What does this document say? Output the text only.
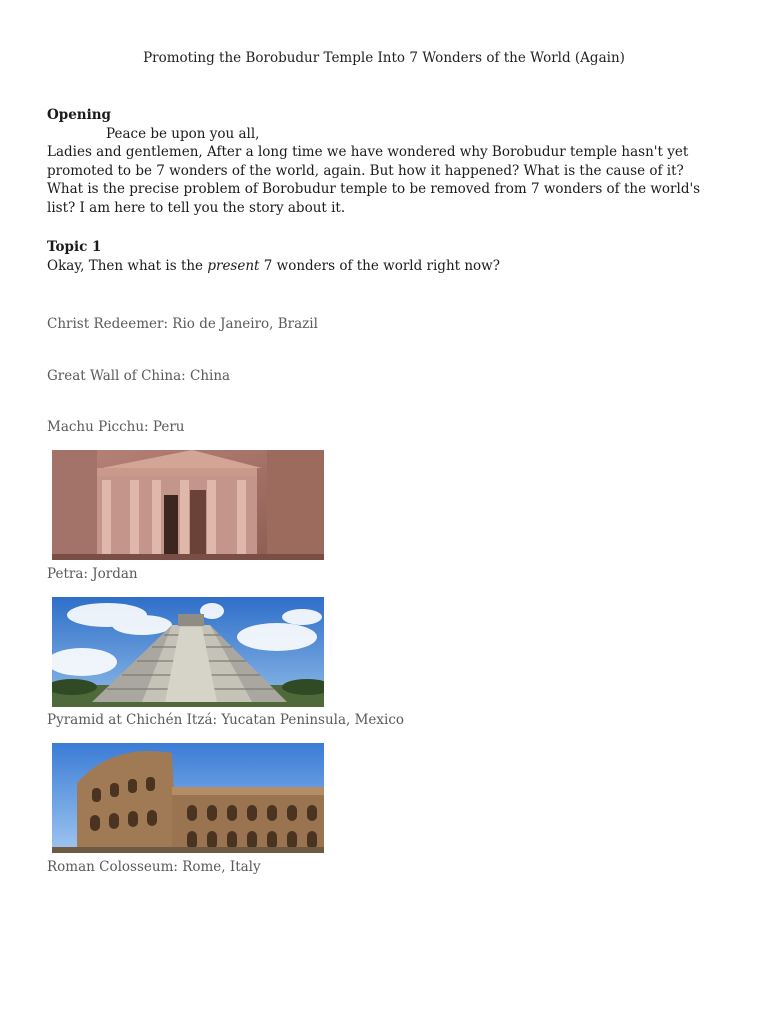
Promoting the Borobudur Temple Into 7 Wonders of the World (Again)
Opening
Peace be upon you all,
Ladies and gentlemen, After a long time we have wondered why Borobudur temple hasn't yet promoted to be 7 wonders of the world, again. But how it happened? What is the cause of it? What is the precise problem of Borobudur temple to be removed from 7 wonders of the world's list? I am here to tell you the story about it.
Topic 1
Okay, Then what is the present 7 wonders of the world right now?
Christ Redeemer: Rio de Janeiro, Brazil
Great Wall of China: China
Machu Picchu: Peru
Petra: Jordan
Pyramid at Chichén Itzá: Yucatan Peninsula, Mexico
Roman Colosseum: Rome, Italy
